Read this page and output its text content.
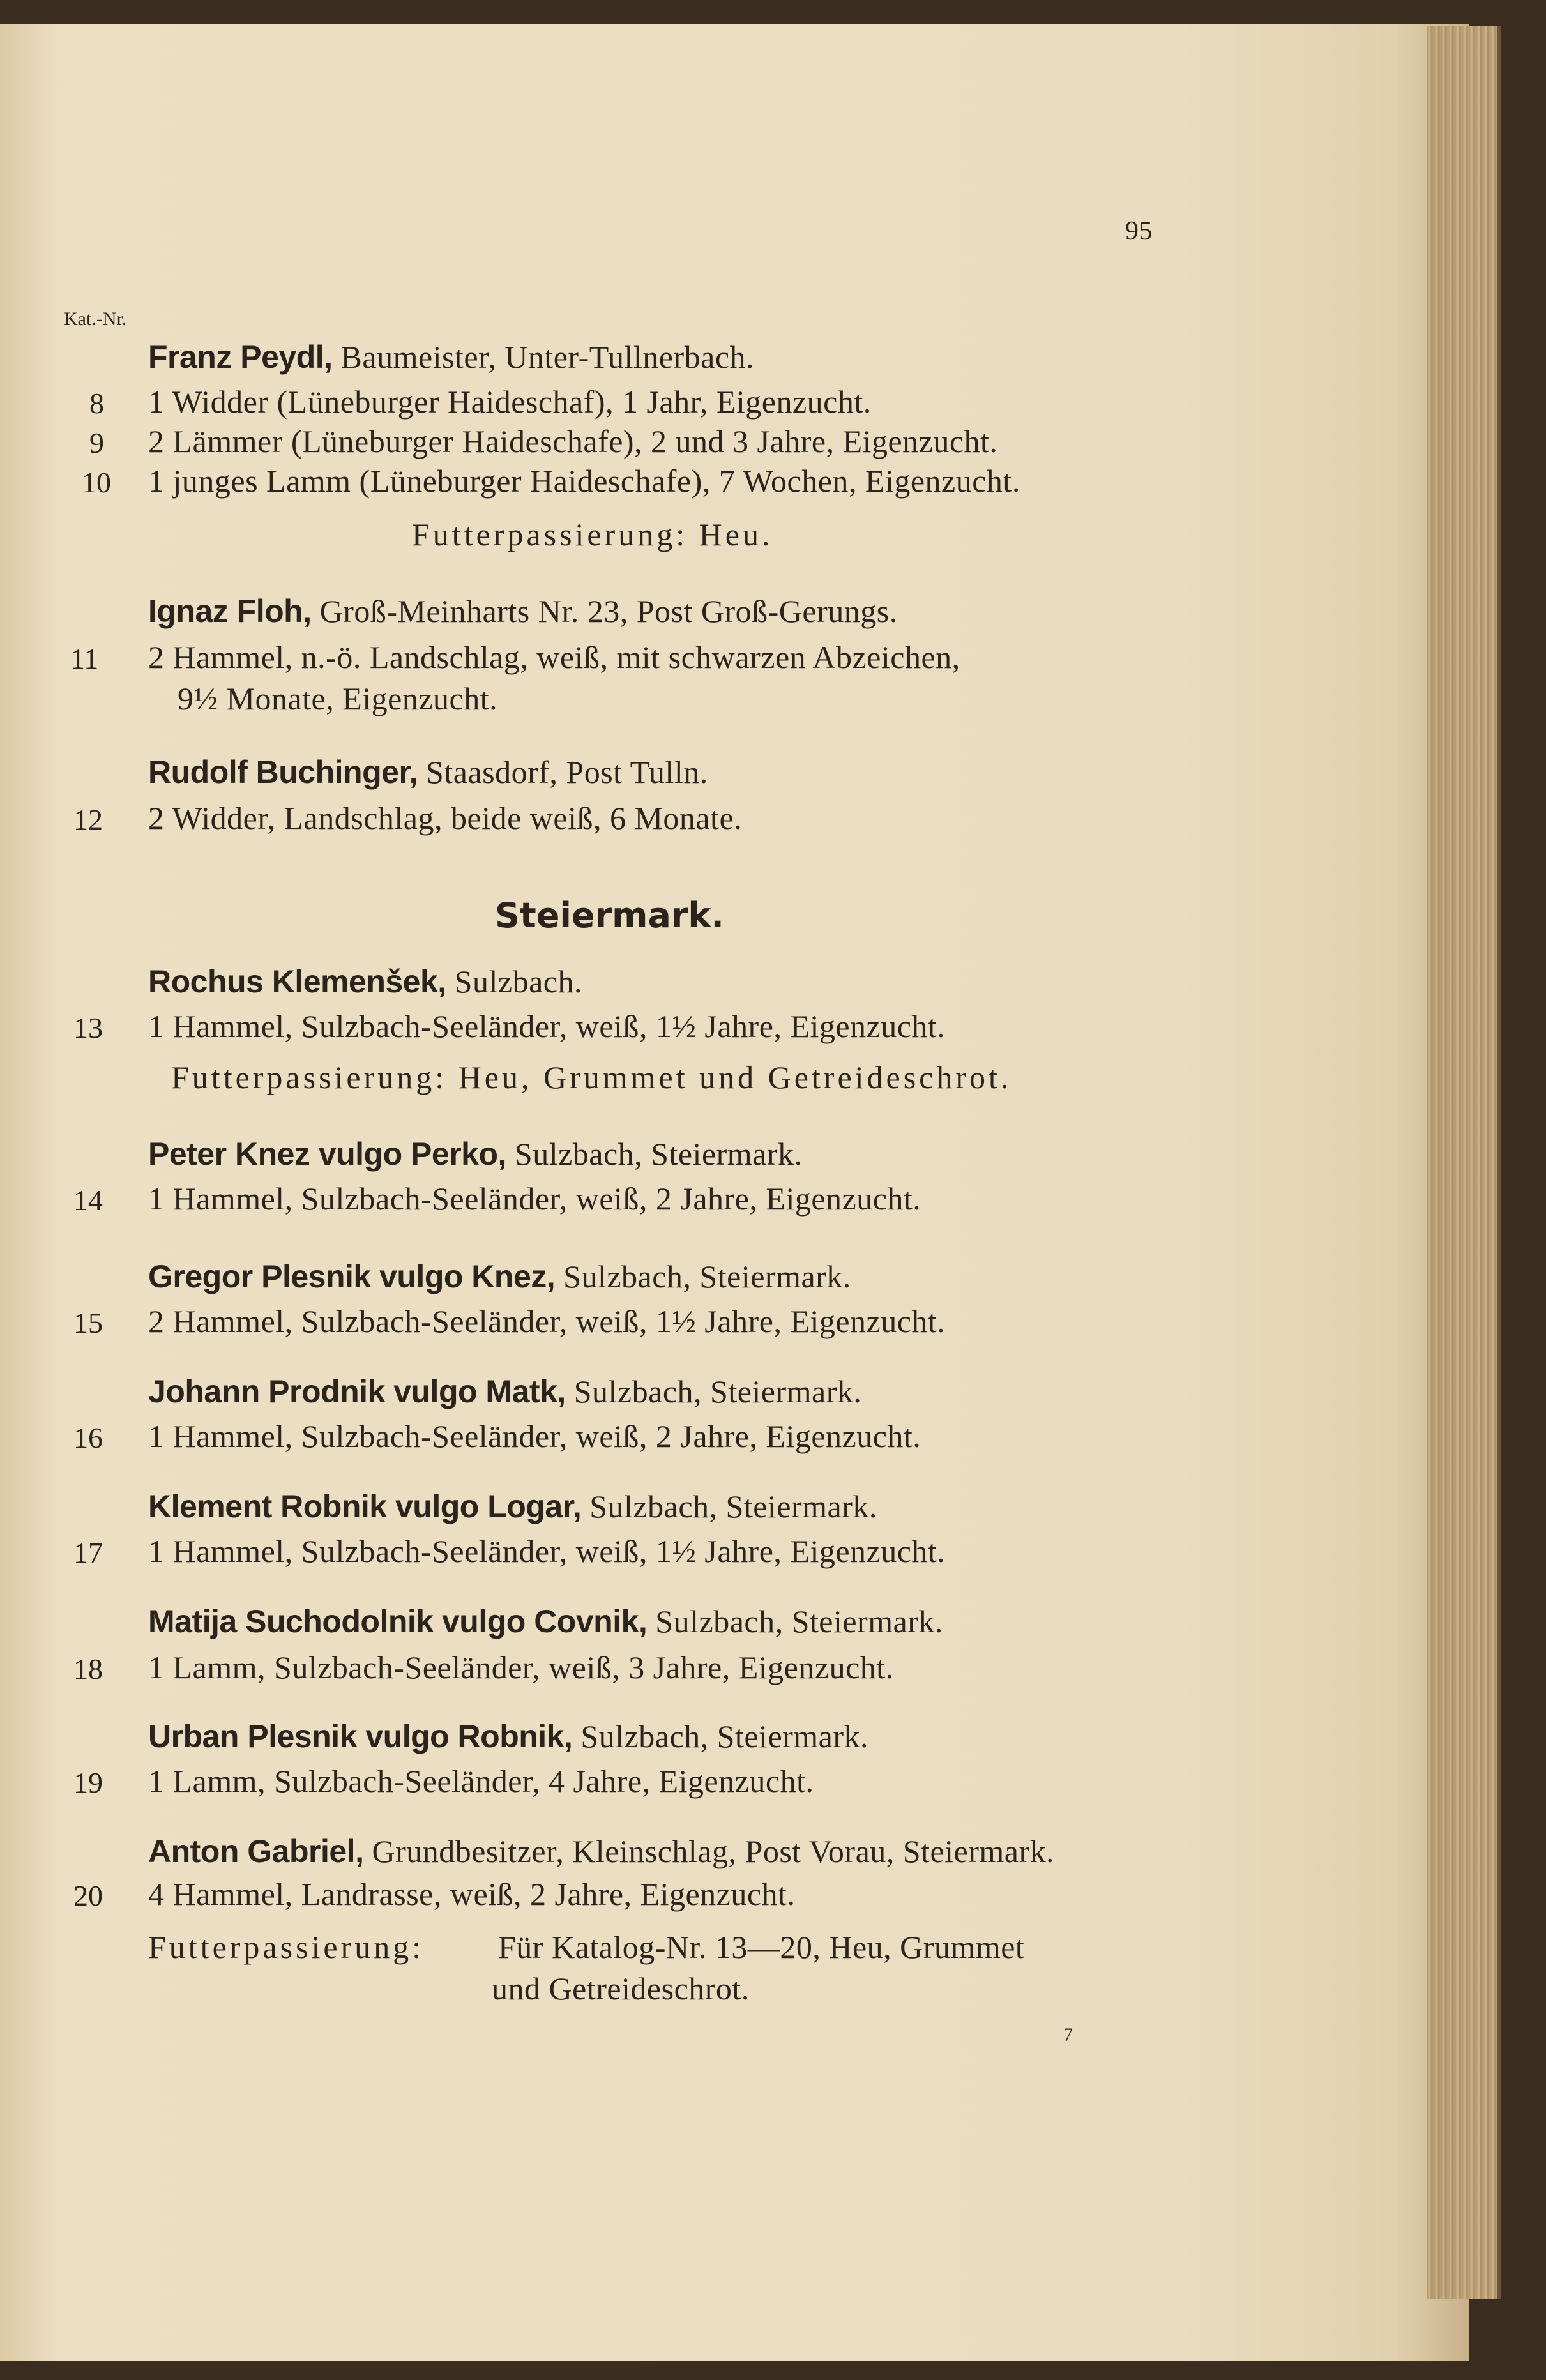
95
Kat.-Nr.
Franz Peydl, Baumeister, Unter-Tullnerbach.
8 1 Widder (Lüneburger Haideschaf), 1 Jahr, Eigenzucht.
9 2 Lämmer (Lüneburger Haideschafe), 2 und 3 Jahre, Eigenzucht.
10 1 junges Lamm (Lüneburger Haideschafe), 7 Wochen, Eigenzucht.
Futterpassierung: Heu.
Ignaz Floh, Groß-Meinharts Nr. 23, Post Groß-Gerungs.
11 2 Hammel, n.-ö. Landschlag, weiß, mit schwarzen Abzeichen,
9½ Monate, Eigenzucht.
Rudolf Buchinger, Staasdorf, Post Tulln.
12 2 Widder, Landschlag, beide weiß, 6 Monate.
Steiermark.
Rochus Klemenšek, Sulzbach.
13 1 Hammel, Sulzbach-Seeländer, weiß, 1½ Jahre, Eigenzucht.
Futterpassierung: Heu, Grummet und Getreideschrot.
Peter Knez vulgo Perko, Sulzbach, Steiermark.
14 1 Hammel, Sulzbach-Seeländer, weiß, 2 Jahre, Eigenzucht.
Gregor Plesnik vulgo Knez, Sulzbach, Steiermark.
15 2 Hammel, Sulzbach-Seeländer, weiß, 1½ Jahre, Eigenzucht.
Johann Prodnik vulgo Matk, Sulzbach, Steiermark.
16 1 Hammel, Sulzbach-Seeländer, weiß, 2 Jahre, Eigenzucht.
Klement Robnik vulgo Logar, Sulzbach, Steiermark.
17 1 Hammel, Sulzbach-Seeländer, weiß, 1½ Jahre, Eigenzucht.
Matija Suchodolnik vulgo Covnik, Sulzbach, Steiermark.
18 1 Lamm, Sulzbach-Seeländer, weiß, 3 Jahre, Eigenzucht.
Urban Plesnik vulgo Robnik, Sulzbach, Steiermark.
19 1 Lamm, Sulzbach-Seeländer, 4 Jahre, Eigenzucht.
Anton Gabriel, Grundbesitzer, Kleinschlag, Post Vorau, Steiermark.
20 4 Hammel, Landrasse, weiß, 2 Jahre, Eigenzucht.
Futterpassierung: Für Katalog-Nr. 13—20, Heu, Grummet
und Getreideschrot.
7
